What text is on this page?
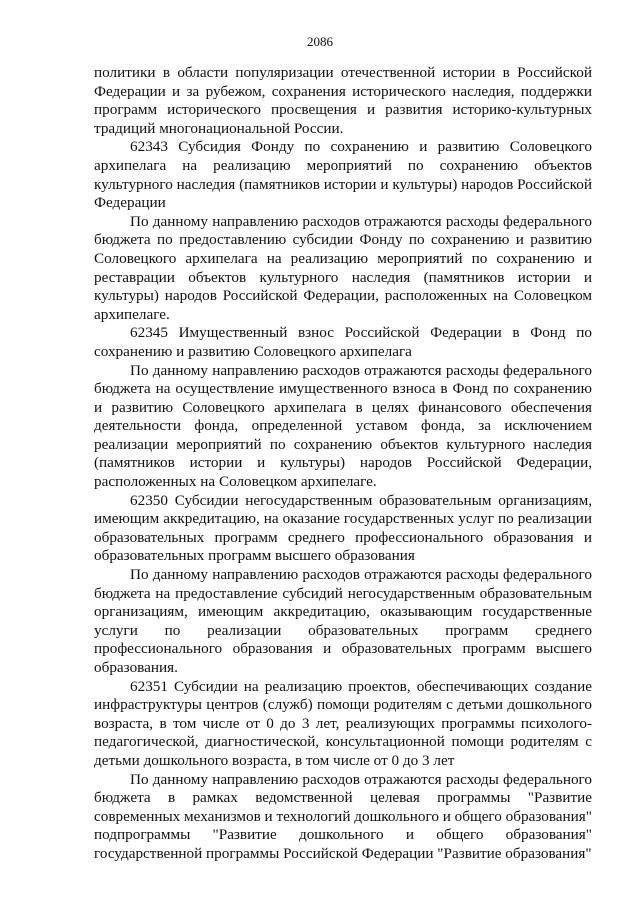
2086

политики в области популяризации отечественной истории в Российской Федерации и за рубежом, сохранения исторического наследия, поддержки программ исторического просвещения и развития историко-культурных традиций многонациональной России.

62343 Субсидия Фонду по сохранению и развитию Соловецкого архипелага на реализацию мероприятий по сохранению объектов культурного наследия (памятников истории и культуры) народов Российской Федерации

По данному направлению расходов отражаются расходы федерального бюджета по предоставлению субсидии Фонду по сохранению и развитию Соловецкого архипелага на реализацию мероприятий по сохранению и реставрации объектов культурного наследия (памятников истории и культуры) народов Российской Федерации, расположенных на Соловецком архипелаге.

62345 Имущественный взнос Российской Федерации в Фонд по сохранению и развитию Соловецкого архипелага

По данному направлению расходов отражаются расходы федерального бюджета на осуществление имущественного взноса в Фонд по сохранению и развитию Соловецкого архипелага в целях финансового обеспечения деятельности фонда, определенной уставом фонда, за исключением реализации мероприятий по сохранению объектов культурного наследия (памятников истории и культуры) народов Российской Федерации, расположенных на Соловецком архипелаге.

62350 Субсидии негосударственным образовательным организациям, имеющим аккредитацию, на оказание государственных услуг по реализации образовательных программ среднего профессионального образования и образовательных программ высшего образования

По данному направлению расходов отражаются расходы федерального бюджета на предоставление субсидий негосударственным образовательным организациям, имеющим аккредитацию, оказывающим государственные услуги по реализации образовательных программ среднего профессионального образования и образовательных программ высшего образования.

62351 Субсидии на реализацию проектов, обеспечивающих создание инфраструктуры центров (служб) помощи родителям с детьми дошкольного возраста, в том числе от 0 до 3 лет, реализующих программы психолого-педагогической, диагностической, консультационной помощи родителям с детьми дошкольного возраста, в том числе от 0 до 3 лет

По данному направлению расходов отражаются расходы федерального бюджета в рамках ведомственной целевая программы "Развитие современных механизмов и технологий дошкольного и общего образования" подпрограммы "Развитие дошкольного и общего образования" государственной программы Российской Федерации "Развитие образования"
